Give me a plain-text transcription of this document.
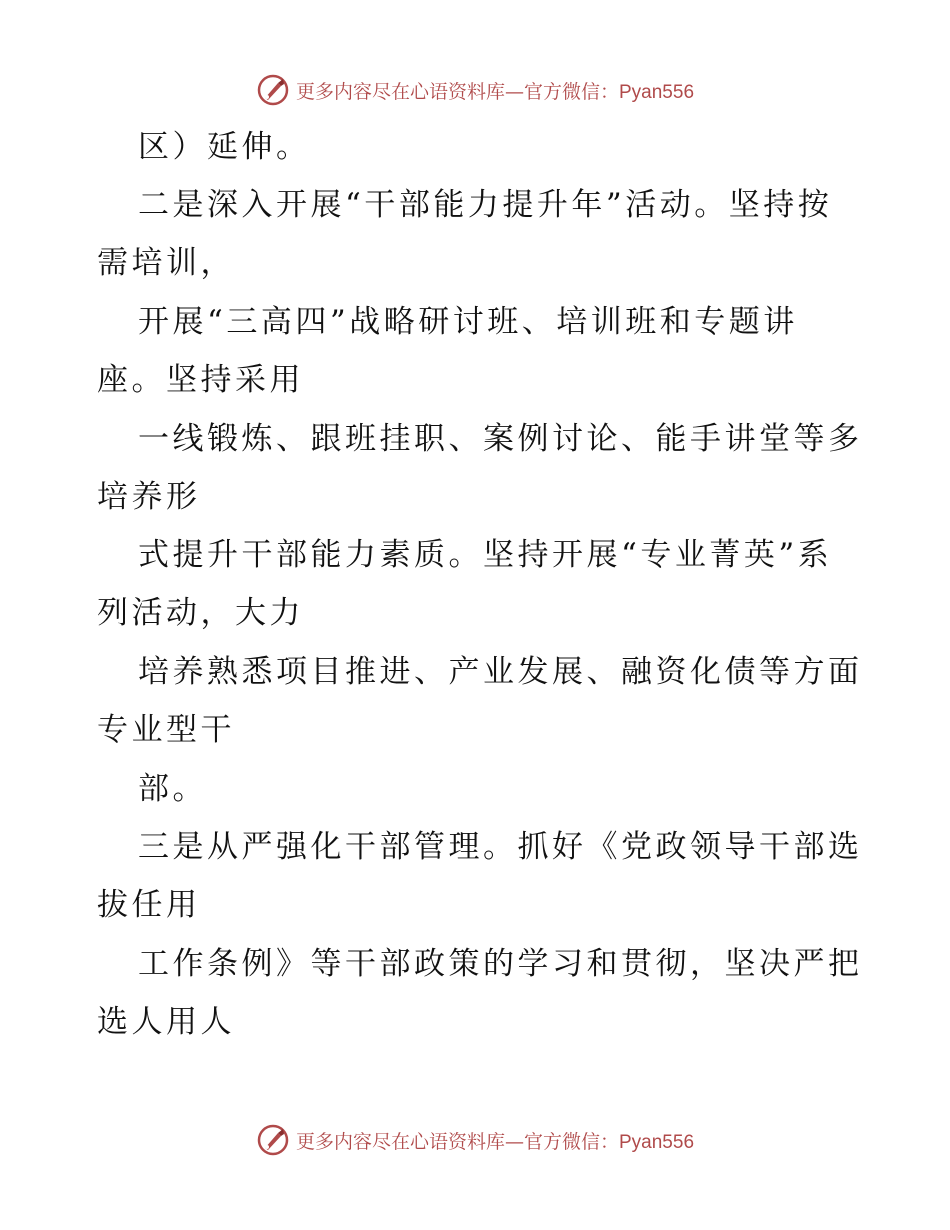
更多内容尽在心语资料库—官方微信：Pyan556
区）延伸。
二是深入开展“干部能力提升年”活动。坚持按
需培训，
开展“三高四”战略研讨班、培训班和专题讲
座。坚持采用
一线锻炼、跟班挂职、案例讨论、能手讲堂等多
培养形
式提升干部能力素质。坚持开展“专业菁英”系
列活动，大力
培养熟悉项目推进、产业发展、融资化债等方面
专业型干
部。
三是从严强化干部管理。抓好《党政领导干部选
拔任用
工作条例》等干部政策的学习和贯彻，坚决严把
选人用人
更多内容尽在心语资料库—官方微信：Pyan556
